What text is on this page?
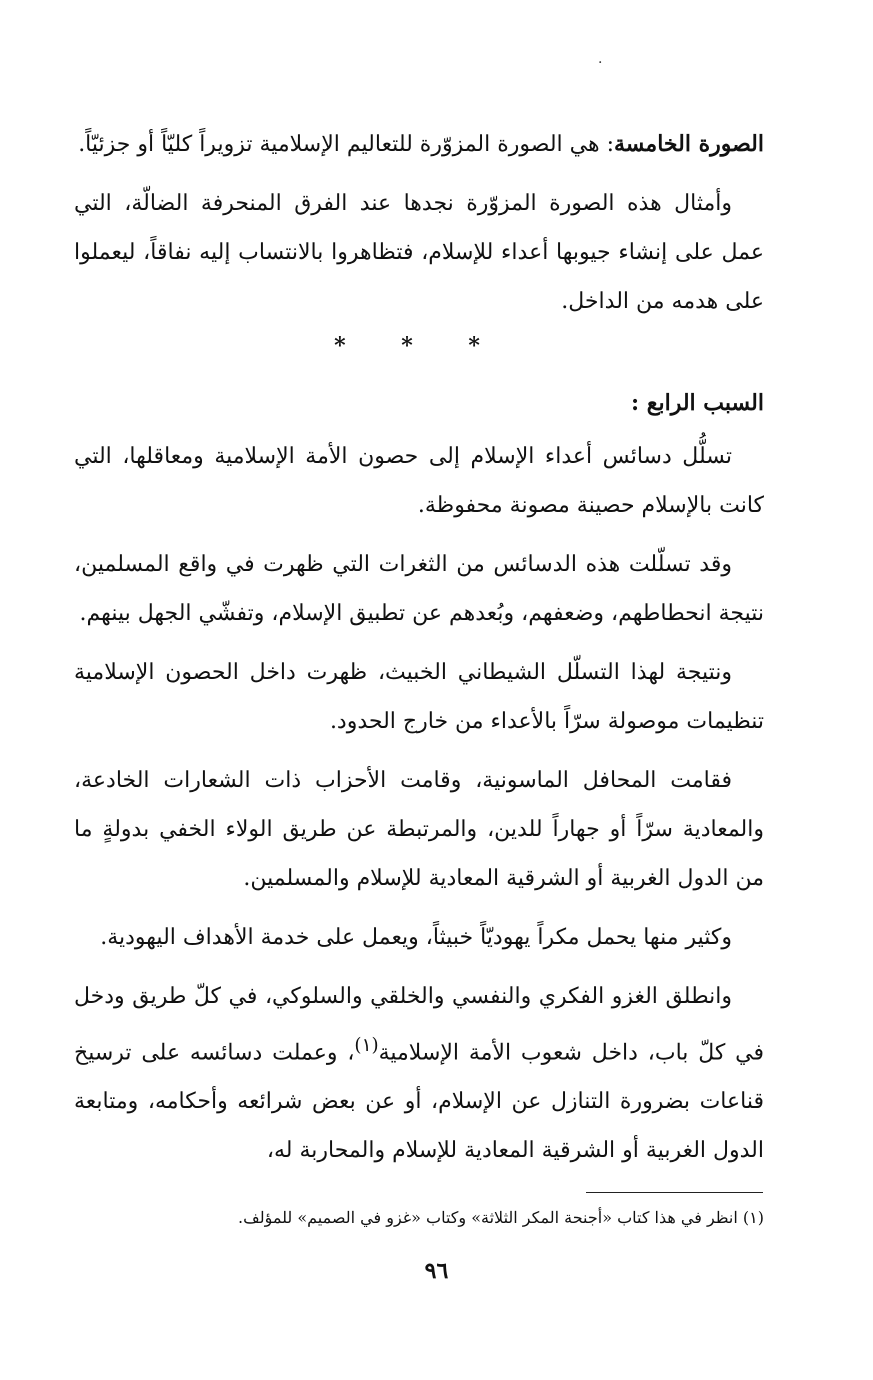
·

الصورة الخامسة: هي الصورة المزوّرة للتعاليم الإسلامية تزويراً كليّاً أو جزئيّاً.

وأمثال هذه الصورة المزوّرة نجدها عند الفرق المنحرفة الضالّة، التي عمل على إنشاء جيوبها أعداء للإسلام، فتظاهروا بالانتساب إليه نفاقاً، ليعملوا على هدمه من الداخل.

* * *
السبب الرابع :

تسلُّل دسائس أعداء الإسلام إلى حصون الأمة الإسلامية ومعاقلها، التي كانت بالإسلام حصينة مصونة محفوظة.

وقد تسلّلت هذه الدسائس من الثغرات التي ظهرت في واقع المسلمين، نتيجة انحطاطهم، وضعفهم، وبُعدهم عن تطبيق الإسلام، وتفشّي الجهل بينهم.

ونتيجة لهذا التسلّل الشيطاني الخبيث، ظهرت داخل الحصون الإسلامية تنظيمات موصولة سرّاً بالأعداء من خارج الحدود.

فقامت المحافل الماسونية، وقامت الأحزاب ذات الشعارات الخادعة، والمعادية سرّاً أو جهاراً للدين، والمرتبطة عن طريق الولاء الخفي بدولةٍ ما من الدول الغربية أو الشرقية المعادية للإسلام والمسلمين.

وكثير منها يحمل مكراً يهوديّاً خبيثاً، ويعمل على خدمة الأهداف اليهودية.

وانطلق الغزو الفكري والنفسي والخلقي والسلوكي، في كلّ طريق ودخل في كلّ باب، داخل شعوب الأمة الإسلامية$^{(١)}$، وعملت دسائسه على ترسيخ قناعات بضرورة التنازل عن الإسلام، أو عن بعض شرائعه وأحكامه، ومتابعة الدول الغربية أو الشرقية المعادية للإسلام والمحاربة له،

(١) انظر في هذا كتاب «أجنحة المكر الثلاثة» وكتاب «غزو في الصميم» للمؤلف.
٩٦
